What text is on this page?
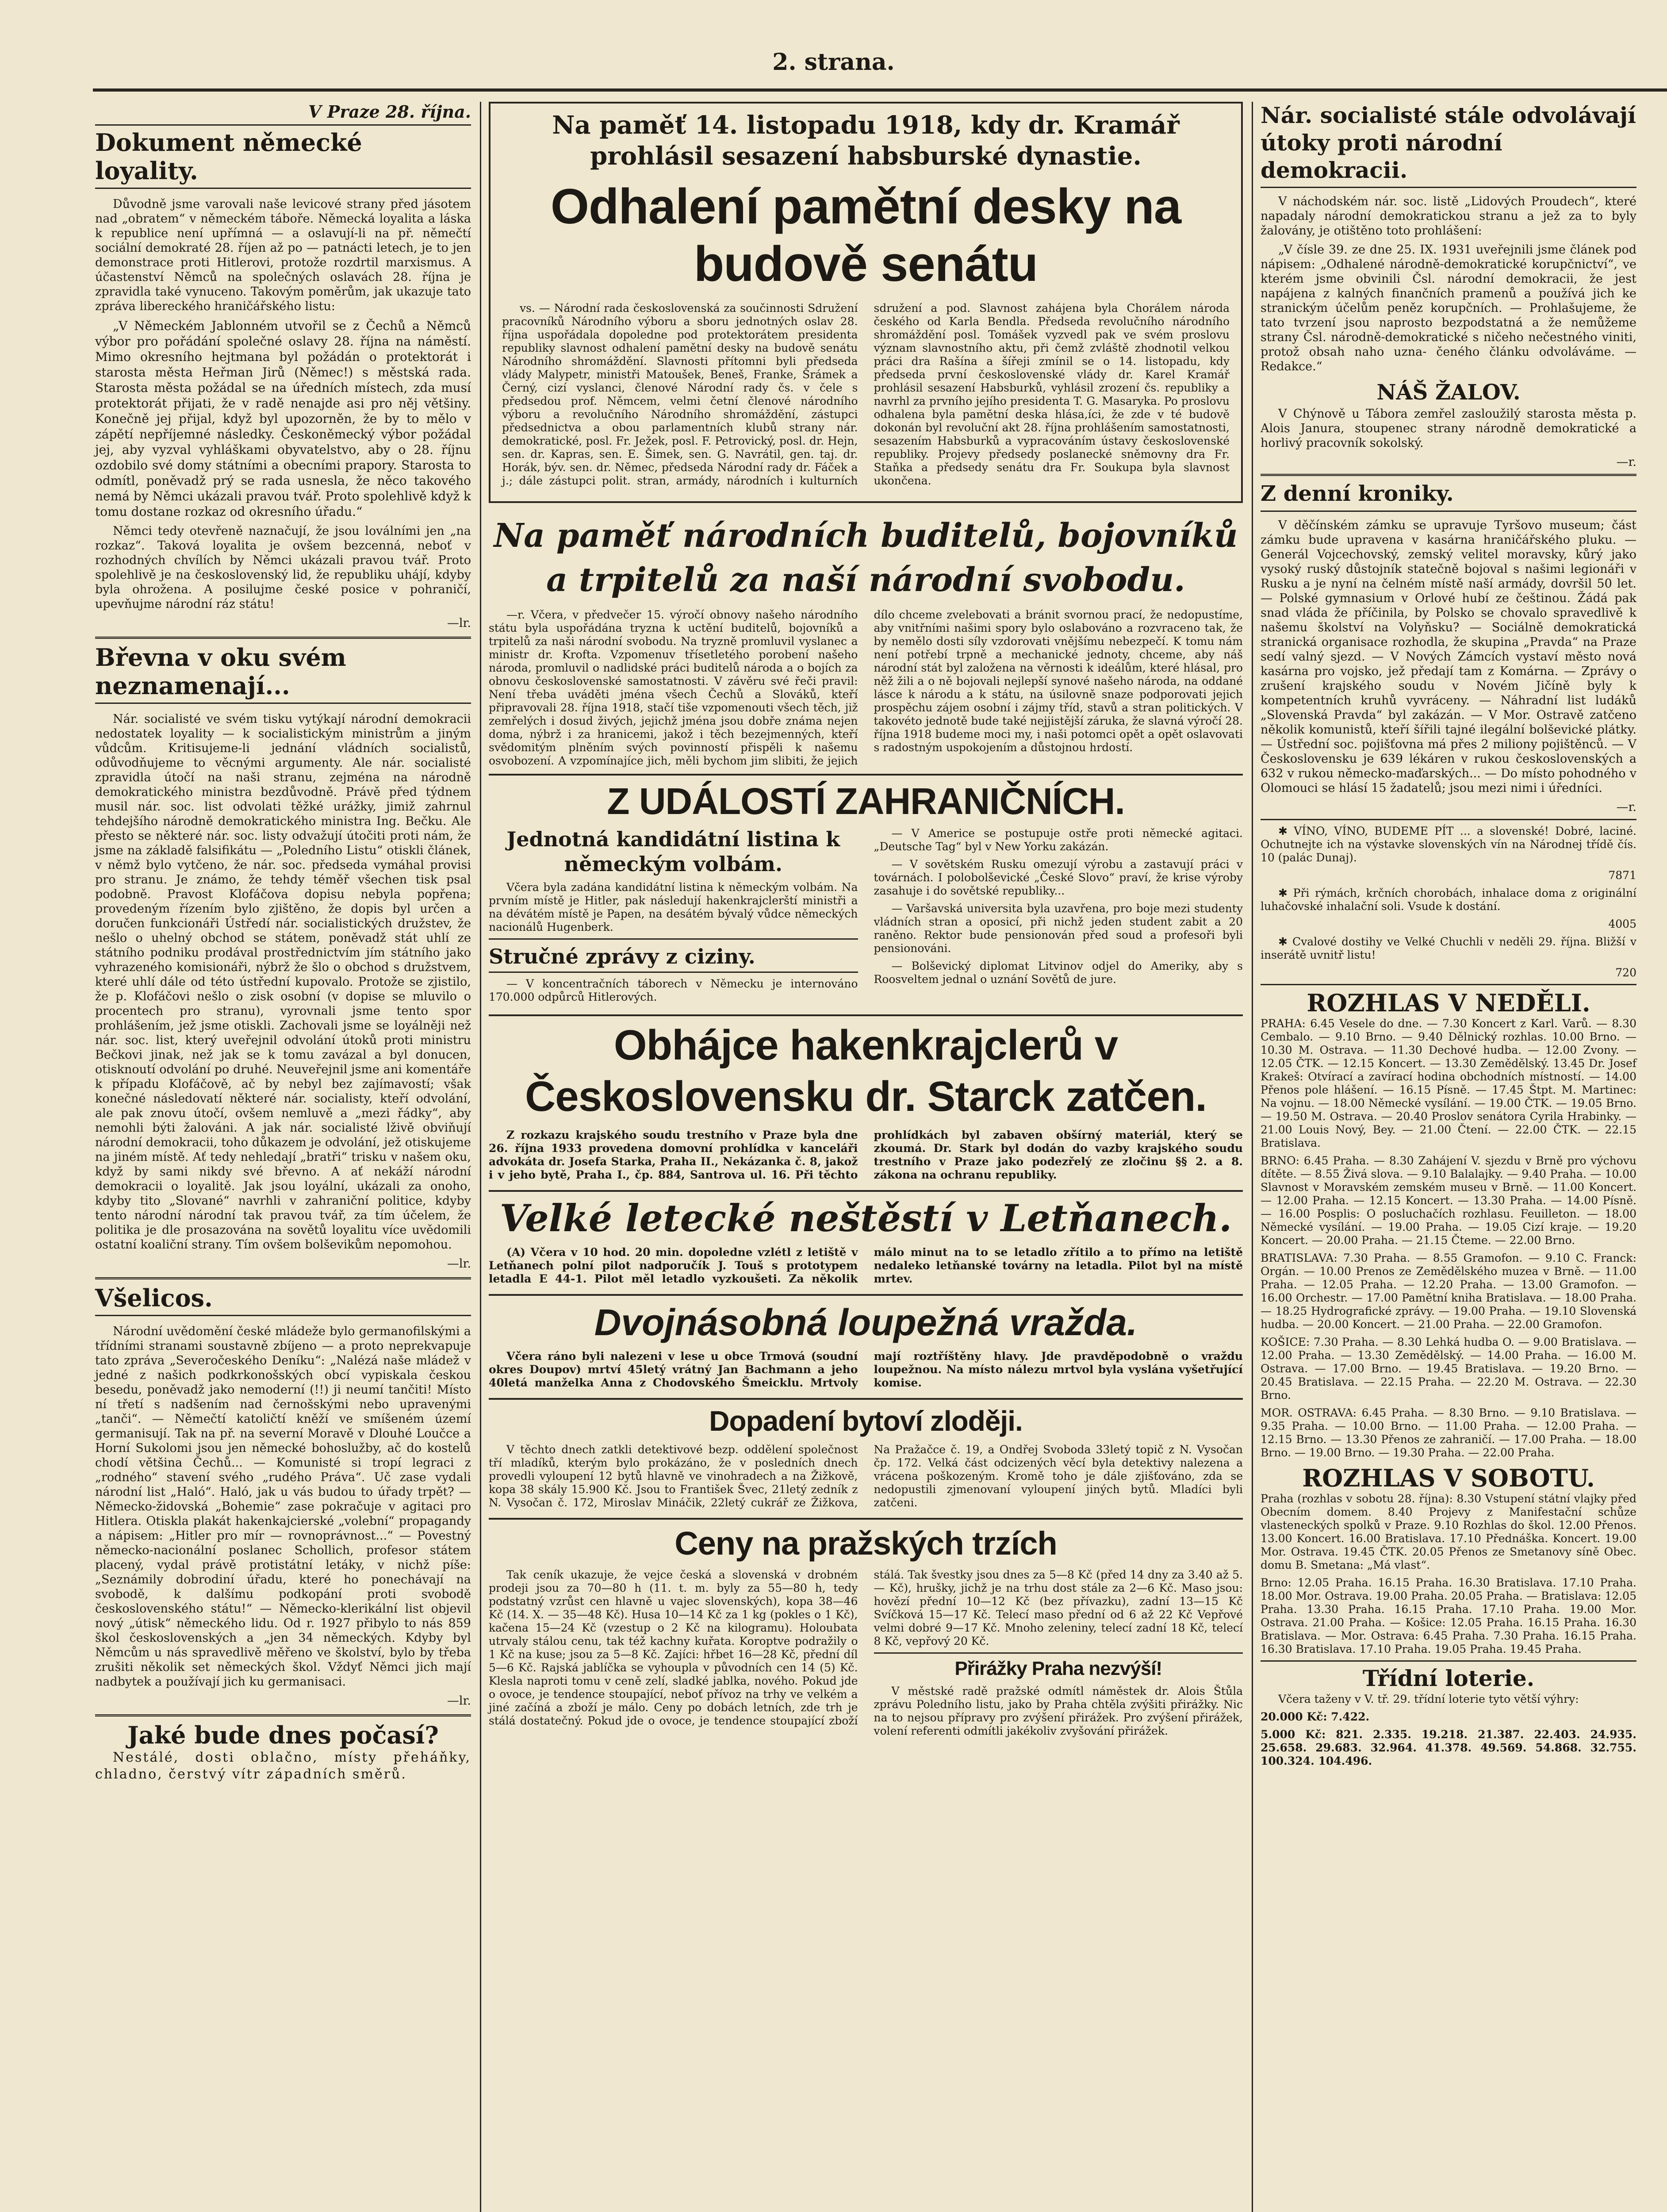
2. strana.
V Praze 28. října.
Dokument německé loyality.

Důvodně jsme varovali naše levicové strany před jásotem nad „obratem“ v německém táboře. Německá loyalita a láska k republice není upřímná — a oslavují-li na př. němečtí sociální demokraté 28. říjen až po — patnácti letech, je to jen demonstrace proti Hitlerovi, protože rozdrtil marxismus. A účastenství Němců na společných oslavách 28. října je zpravidla také vynuceno. Takovým poměrům, jak ukazuje tato zpráva libereckého hraničářského listu:

„V Německém Jablonném utvořil se z Čechů a Němců výbor pro pořádání společné oslavy 28. října na náměstí. Mimo okresního hejtmana byl požádán o protektorát i starosta města Heřman Jirů (Němec!) s městská rada. Starosta města požádal se na úředních místech, zda musí protektorát přijati, že v radě nenajde asi pro něj většiny. Konečně jej přijal, když byl upozorněn, že by to mělo v zápětí nepříjemné následky. Českoněmecký výbor požádal jej, aby vyzval vyhláškami obyvatelstvo, aby o 28. říjnu ozdobilo své domy státními a obecními prapory. Starosta to odmítl, poněvadž prý se rada usnesla, že něco takového nemá by Němci ukázali pravou tvář. Proto spolehlivě když k tomu dostane rozkaz od okresního úřadu.“

Němci tedy otevřeně naznačují, že jsou loválními jen „na rozkaz“. Taková loyalita je ovšem bezcenná, neboť v rozhodných chvílích by Němci ukázali pravou tvář. Proto spolehlivě je na československý lid, že republiku uhájí, kdyby byla ohrožena. A posilujme české posice v pohraničí, upevňujme národní ráz státu!

—lr.

Břevna v oku svém neznamenají...

Nár. socialisté ve svém tisku vytýkají národní demokracii nedostatek loyality — k socialistickým ministrům a jiným vůdcům. Kritisujeme-li jednání vládních socialistů, odůvodňujeme to věcnými argumenty. Ale nár. socialisté zpravidla útočí na naši stranu, zejména na národně demokratického ministra bezdůvodně. Právě před týdnem musil nár. soc. list odvolati těžké urážky, jimiž zahrnul tehdejšího národně demokratického ministra Ing. Bečku. Ale přesto se některé nár. soc. listy odvažují útočiti proti nám, že jsme na základě falsifikátu — „Poledního Listu“ otiskli článek, v němž bylo vytčeno, že nár. soc. předseda vymáhal provisi pro stranu. Je známo, že tehdy téměř všechen tisk psal podobně. Pravost Klofáčova dopisu nebyla popřena; provedeným řízením bylo zjištěno, že dopis byl určen a doručen funkcionáři Ústředí nár. socialistických družstev, že nešlo o uhelný obchod se státem, poněvadž stát uhlí ze státního podniku prodával prostřednictvím jím státního jako vyhrazeného komisionáři, nýbrž že šlo o obchod s družstvem, které uhlí dále od této ústřední kupovalo. Protože se zjistilo, že p. Klofáčovi nešlo o zisk osobní (v dopise se mluvilo o procentech pro stranu), vyrovnali jsme tento spor prohlášením, jež jsme otiskli. Zachovali jsme se loyálněji než nár. soc. list, který uveřejnil odvolání útoků proti ministru Bečkovi jinak, než jak se k tomu zavázal a byl donucen, otisknoutí odvolání po druhé. Neuveřejnil jsme ani komentáře k případu Klofáčově, ač by nebyl bez zajímavostí; však konečné následovatí některé nár. socialisty, kteří odvolání, ale pak znovu útočí, ovšem nemluvě a „mezi řádky“, aby nemohli býti žalováni. A jak nár. socialisté lživě obviňují národní demokracii, toho důkazem je odvolání, jež otiskujeme na jiném místě. Ať tedy nehledají „bratři“ trisku v našem oku, když by sami nikdy své břevno. A ať nekáží národní demokracii o loyalitě. Jak jsou loyální, ukázali za onoho, kdyby tito „Slované“ navrhli v zahraniční politice, kdyby tento národní národní tak pravou tvář, za tím účelem, že politika je dle prosazována na sovětů loyalitu více uvědomili ostatní koaliční strany. Tím ovšem bolševikům nepomohou.

—lr.

Všelicos.

Národní uvědomění české mládeže bylo germanofilskými a třídními stranami soustavně zbíjeno — a proto neprekvapuje tato zpráva „Severočeského Deníku“: „Nalézá naše mládež v jedné z našich podkrkonošských obcí vypiskala českou besedu, poněvadž jako nemoderní (!!) ji neumí tančiti! Místo ní třetí s nadšením nad černošskými nebo upravenými „tanči“. — Němečtí katoličtí kněží ve smíšeném území germanisují. Tak na př. na severní Moravě v Dlouhé Loučce a Horní Sukolomi jsou jen německé bohoslužby, ač do kostelů chodí většina Čechů... — Komunisté si tropí legraci z „rodného“ stavení svého „rudého Práva“. Uč zase vydali národní list „Haló“. Haló, jak u vás budou to úřady trpět? — Německo-židovská „Bohemie“ zase pokračuje v agitaci pro Hitlera. Otiskla plakát hakenkajcierské „volební“ propagandy a nápisem: „Hitler pro mír — rovnoprávnost...“ — Povestný německo-nacionální poslanec Schollich, profesor státem placený, vydal právě protistátní letáky, v nichž píše: „Seznámily dobrodiní úřadu, které ho ponechávají na svobodě, k dalšímu podkopání proti svobodě československého státu!“ — Německo-klerikální list objevil nový „útisk“ německého lidu. Od r. 1927 přibylo to nás 859 škol československých a „jen 34 německých. Kdyby byl Němcům u nás spravedlivě měřeno ve školství, bylo by třeba zrušiti několik set německých škol. Vždyť Němci jich mají nadbytek a používají jich ku germanisaci.

—lr.

Jaké bude dnes počasí?

Nestálé, dosti oblačno, místy přeháňky, chladno, čerstvý vítr západních směrů.

Na paměť 14. listopadu 1918, kdy dr. Kramář prohlásil sesazení habsburské dynastie.
Odhalení pamětní desky na budově senátu

vs. — Národní rada československá za součinnosti Sdružení pracovníků Národního výboru a sboru jednotných oslav 28. října uspořádala dopoledne pod protektorátem presidenta republiky slavnost odhalení pamětní desky na budově senátu Národního shromáždění. Slavnosti přítomni byli předseda vlády Malypetr, ministři Matoušek, Beneš, Franke, Šrámek a Černý, cizí vyslanci, členové Národní rady čs. v čele s předsedou prof. Němcem, velmi četní členové národního výboru a revolučního Národního shromáždění, zástupci předsednictva a obou parlamentních klubů strany nár. demokratické, posl. Fr. Ježek, posl. F. Petrovický, posl. dr. Hejn, sen. dr. Kapras, sen. E. Šimek, sen. G. Navrátil, gen. taj. dr. Horák, býv. sen. dr. Němec, předseda Národní rady dr. Fáček a j.; dále zástupci polit. stran, armády, národních i kulturních sdružení a pod. Slavnost zahájena byla Chorálem národa českého od Karla Bendla. Předseda revolučního národního shromáždění posl. Tomášek vyzvedl pak ve svém proslovu význam slavnostního aktu, při čemž zvláště zhodnotil velkou práci dra Rašína a šířeji zmínil se o 14. listopadu, kdy předseda první československé vlády dr. Karel Kramář prohlásil sesazení Habsburků, vyhlásil zrození čs. republiky a navrhl za prvního jejího presidenta T. G. Masaryka. Po proslovu odhalena byla pamětní deska hlása,íci, že zde v té budově dokonán byl revoluční akt 28. října prohlášením samostatnosti, sesazením Habsburků a vypracováním ústavy československé republiky. Projevy předsedy poslanecké sněmovny dra Fr. Staňka a předsedy senátu dra Fr. Soukupa byla slavnost ukončena.

Na paměť národních buditelů, bojovníků a trpitelů za naší národní svobodu.

—r. Včera, v předvečer 15. výročí obnovy našeho národního státu byla uspořádána tryzna k uctění buditelů, bojovníků a trpitelů za naši národní svobodu. Na tryzně promluvil vyslanec a ministr dr. Krofta. Vzpomenuv třísetletého porobení našeho národa, promluvil o nadlidské práci buditelů národa a o bojích za obnovu československé samostatnosti. V závěru své řeči pravil: Není třeba uváděti jména všech Čechů a Slováků, kteří připravovali 28. října 1918, stačí tiše vzpomenouti všech těch, již zemřelých i dosud živých, jejichž jména jsou dobře známa nejen doma, nýbrž i za hranicemi, jakož i těch bezejmenných, kteří svědomitým plněním svých povinností přispěli k našemu osvobození. A vzpomínajíce jich, měli bychom jim slibiti, že jejich dílo chceme zvelebovati a bránit svornou prací, že nedopustíme, aby vnitřními našimi spory bylo oslabováno a rozvraceno tak, že by nemělo dosti síly vzdorovati vnějšímu nebezpečí. K tomu nám není potřebí trpně a mechanické jednoty, chceme, aby náš národní stát byl založena na věrnosti k ideálům, které hlásal, pro něž žili a o ně bojovali nejlepší synové našeho národa, na oddané lásce k národu a k státu, na úsilovně snaze podporovati jejich prospěchu zájem osobní i zájmy tříd, stavů a stran politických. V takovéto jednotě bude také nejjistější záruka, že slavná výročí 28. října 1918 budeme moci my, i naši potomci opět a opět oslavovati s radostným uspokojením a důstojnou hrdostí.

Z UDÁLOSTÍ ZAHRANIČNÍCH.
Jednotná kandidátní listina k německým volbám.

Včera byla zadána kandidátní listina k německým volbám. Na prvním místě je Hitler, pak následují hakenkrajclerští ministři a na dévátém místě je Papen, na desátém bývalý vůdce německých nacionálů Hugenberk.

Stručné zprávy z ciziny.

— V koncentračních táborech v Německu je internováno 170.000 odpůrců Hitlerových.

— V Americe se postupuje ostře proti německé agitaci. „Deutsche Tag“ byl v New Yorku zakázán.

— V sovětském Rusku omezují výrobu a zastavují práci v továrnách. I polobolševické „České Slovo“ praví, že krise výroby zasahuje i do sovětské republiky...

— Varšavská universita byla uzavřena, pro boje mezi studenty vládních stran a oposicí, při nichž jeden student zabit a 20 raněno. Rektor bude pensionován před soud a profesoři byli pensionováni.

— Bolševický diplomat Litvinov odjel do Ameriky, aby s Roosveltem jednal o uznání Sovětů de jure.

Obhájce hakenkrajclerů v Československu dr. Starck zatčen.

Z rozkazu krajského soudu trestního v Praze byla dne 26. října 1933 provedena domovní prohlídka v kanceláři advokáta dr. Josefa Starka, Praha II., Nekázanka č. 8, jakož i v jeho bytě, Praha I., čp. 884, Santrova ul. 16. Při těchto prohlídkách byl zabaven obšírný materiál, který se zkoumá. Dr. Stark byl dodán do vazby krajského soudu trestního v Praze jako podezřelý ze zločinu §§ 2. a 8. zákona na ochranu republiky.

Velké letecké neštěstí v Letňanech.

(A) Včera v 10 hod. 20 min. dopoledne vzlétl z letiště v Letňanech polní pilot nadporučík J. Touš s prototypem letadla E 44-1. Pilot měl letadlo vyzkoušeti. Za několik málo minut na to se letadlo zřítilo a to přímo na letiště nedaleko letňanské továrny na letadla. Pilot byl na místě mrtev.

Dvojnásobná loupežná vražda.

Včera ráno byli nalezeni v lese u obce Trmová (soudní okres Doupov) mrtví 45letý vrátný Jan Bachmann a jeho 40letá manželka Anna z Chodovského Šmeicklu. Mrtvoly mají roztříštěny hlavy. Jde pravděpodobně o vraždu loupežnou. Na místo nálezu mrtvol byla vyslána vyšetřující komise.

Dopadení bytoví zloději.

V těchto dnech zatkli detektivové bezp. oddělení společnost tří mladíků, kterým bylo prokázáno, že v posledních dnech provedli vyloupení 12 bytů hlavně ve vinohradech a na Žižkově, kopa 38 skály 15.900 Kč. Jsou to František Švec, 21letý zedník z N. Vysočan č. 172, Miroslav Mináčik, 22letý cukrář ze Žižkova, Na Pražačce č. 19, a Ondřej Svoboda 33letý topič z N. Vysočan čp. 172. Velká část odcizených věcí byla detektivy nalezena a vrácena poškozeným. Kromě toho je dále zjišťováno, zda se nedopustili zjmenovaní vyloupení jiných bytů. Mladíci byli zatčeni.

Ceny na pražských trzích

Tak ceník ukazuje, že vejce česká a slovenská v drobném prodeji jsou za 70—80 h (11. t. m. byly za 55—80 h, tedy podstatný vzrůst cen hlavně u vajec slovenských), kopa 38—46 Kč (14. X. — 35—48 Kč). Husa 10—14 Kč za 1 kg (pokles o 1 Kč), kačena 15—24 Kč (vzestup o 2 Kč na kilogramu). Holoubata utrvaly stálou cenu, tak též kachny kuřata. Koroptve podražily o 1 Kč na kuse; jsou za 5—8 Kč. Zajíci: hřbet 16—28 Kč, přední díl 5—6 Kč. Rajská jablíčka se vyhoupla v původních cen 14 (5) Kč. Klesla naproti tomu v ceně zelí, sladké jablka, nového. Pokud jde o ovoce, je tendence stoupající, neboť přívoz na trhy ve velkém a jiné začíná a zboží je málo. Ceny po dobách letních, zde trh je stálá dostatečný. Pokud jde o ovoce, je tendence stoupající zboží stálá. Tak švestky jsou dnes za 5—8 Kč (před 14 dny za 3.40 až 5.— Kč), hrušky, jichž je na trhu dost stále za 2—6 Kč. Maso jsou: hovězí přední 10—12 Kč (bez přívazku), zadní 13—15 Kč Svíčková 15—17 Kč. Telecí maso přední od 6 až 22 Kč Vepřové velmi dobré 9—17 Kč. Mnoho zeleniny, telecí zadní 18 Kč, telecí 8 Kč, vepřový 20 Kč.

Přirážky Praha nezvýší!

V městské radě pražské odmítl náměstek dr. Alois Štůla zprávu Poledního listu, jako by Praha chtěla zvýšiti přirážky. Nic na to nejsou přípravy pro zvýšení přirážek. Pro zvýšení přirážek, volení referenti odmítli jakékoliv zvyšování přirážek.

Nár. socialisté stále odvolávají útoky proti národní demokracii.

V náchodském nár. soc. listě „Lidových Proudech“, které napadaly národní demokratickou stranu a jež za to byly žalovány, je otištěno toto prohlášení:

„V čísle 39. ze dne 25. IX. 1931 uveřejnili jsme článek pod nápisem: „Odhalené národně-demokratické korupčnictví“, ve kterém jsme obvinili Čsl. národní demokracii, že jest napájena z kalných finančních pramenů a používá jich ke stranickým účelům peněz korupčních. — Prohlašujeme, že tato tvrzení jsou naprosto bezpodstatná a že nemůžeme strany Čsl. národně-demokratické s ničeho nečestného viniti, protož obsah naho uzna- čeného článku odvoláváme. — Redakce.“

NÁŠ ŽALOV.

V Chýnově u Tábora zemřel zasloužilý starosta města p. Alois Janura, stoupenec strany národně demokratické a horlivý pracovník sokolský.

—r.

Z denní kroniky.

V děčínském zámku se upravuje Tyršovo museum; část zámku bude upravena v kasárna hraničářského pluku. — Generál Vojcechovský, zemský velitel moravsky, kůrý jako vysoký ruský důstojník statečně bojoval s našimi legionáři v Rusku a je nyní na čelném místě naší armády, dovršil 50 let. — Polské gymnasium v Orlové hubí ze češtinou. Žádá pak snad vláda že příčinila, by Polsko se chovalo spravedlivě k našemu školství na Volyňsku? — Sociálně demokratická stranická organisace rozhodla, že skupina „Pravda“ na Praze sedí valný sjezd. — V Nových Zámcích vystaví město nová kasárna pro vojsko, jež předají tam z Komárna. — Zprávy o zrušení krajského soudu v Novém Jičíně byly k kompetentních kruhů vyvráceny. — Náhradní list ludáků „Slovenská Pravda“ byl zakázán. — V Mor. Ostravě zatčeno několik komunistů, kteří šířili tajné ilegální bolševické plátky. — Ústřední soc. pojišťovna má přes 2 miliony pojištěnců. — V Československu je 639 lékáren v rukou československých a 632 v rukou německo-maďarských... — Do místo pohodného v Olomouci se hlásí 15 žadatelů; jsou mezi nimi i úředníci.

—r.

✱ VÍNO, VÍNO, BUDEME PÍT ... a slovenské! Dobré, laciné. Ochutnejte ich na výstavke slovenských vín na Národnej třídě čís. 10 (palác Dunaj).

7871

✱ Při rýmách, krčních chorobách, inhalace doma z originální luhačovské inhalační soli. Vsude k dostání.

4005

✱ Cvalové dostihy ve Velké Chuchli v neděli 29. října. Bližší v inserátě uvnitř listu!

720

ROZHLAS V NEDĚLI.

PRAHA: 6.45 Vesele do dne. — 7.30 Koncert z Karl. Varů. — 8.30 Cembalo. — 9.10 Brno. — 9.40 Dělnický rozhlas. 10.00 Brno. — 10.30 M. Ostrava. — 11.30 Dechové hudba. — 12.00 Zvony. — 12.05 ČTK. — 12.15 Koncert. — 13.30 Zemědělský. 13.45 Dr. Josef Krakeš: Otvírací a zavírací hodina obchodních místností. — 14.00 Přenos pole hlášení. — 16.15 Písně. — 17.45 Štpt. M. Martinec: Na vojnu. — 18.00 Německé vysílání. — 19.00 ČTK. — 19.05 Brno. — 19.50 M. Ostrava. — 20.40 Proslov senátora Cyrila Hrabinky. — 21.00 Louis Nový, Bey. — 21.00 Čtení. — 22.00 ČTK. — 22.15 Bratislava.

BRNO: 6.45 Praha. — 8.30 Zahájení V. sjezdu v Brně pro výchovu dítěte. — 8.55 Živá slova. — 9.10 Balalajky. — 9.40 Praha. — 10.00 Slavnost v Moravském zemském museu v Brně. — 11.00 Koncert. — 12.00 Praha. — 12.15 Koncert. — 13.30 Praha. — 14.00 Písně. — 16.00 Posplis: O posluchačích rozhlasu. Feuilleton. — 18.00 Německé vysílání. — 19.00 Praha. — 19.05 Cizí kraje. — 19.20 Koncert. — 20.00 Praha. — 21.15 Čteme. — 22.00 Brno.

BRATISLAVA: 7.30 Praha. — 8.55 Gramofon. — 9.10 C. Franck: Orgán. — 10.00 Prenos ze Zemědělského muzea v Brně. — 11.00 Praha. — 12.05 Praha. — 12.20 Praha. — 13.00 Gramofon. — 16.00 Orchestr. — 17.00 Pamětní kniha Bratislava. — 18.00 Praha. — 18.25 Hydrografické zprávy. — 19.00 Praha. — 19.10 Slovenská hudba. — 20.00 Koncert. — 21.00 Praha. — 22.00 Gramofon.

KOŠICE: 7.30 Praha. — 8.30 Lehká hudba O. — 9.00 Bratislava. — 12.00 Praha. — 13.30 Zemědělský. — 14.00 Praha. — 16.00 M. Ostrava. — 17.00 Brno. — 19.45 Bratislava. — 19.20 Brno. — 20.45 Bratislava. — 22.15 Praha. — 22.20 M. Ostrava. — 22.30 Brno.

MOR. OSTRAVA: 6.45 Praha. — 8.30 Brno. — 9.10 Bratislava. — 9.35 Praha. — 10.00 Brno. — 11.00 Praha. — 12.00 Praha. — 12.15 Brno. — 13.30 Přenos ze zahraničí. — 17.00 Praha. — 18.00 Brno. — 19.00 Brno. — 19.30 Praha. — 22.00 Praha.

ROZHLAS V SOBOTU.

Praha (rozhlas v sobotu 28. října): 8.30 Vstupení státní vlajky před Obecním domem. 8.40 Projevy z Manifestační schůze vlasteneckých spolků v Praze. 9.10 Rozhlas do škol. 12.00 Přenos. 13.00 Koncert. 16.00 Bratislava. 17.10 Přednáška. Koncert. 19.00 Mor. Ostrava. 19.45 ČTK. 20.05 Přenos ze Smetanovy síně Obec. domu B. Smetana: „Má vlast“.

Brno: 12.05 Praha. 16.15 Praha. 16.30 Bratislava. 17.10 Praha. 18.00 Mor. Ostrava. 19.00 Praha. 20.05 Praha. — Bratislava: 12.05 Praha. 13.30 Praha. 16.15 Praha. 17.10 Praha. 19.00 Mor. Ostrava. 21.00 Praha. — Košice: 12.05 Praha. 16.15 Praha. 16.30 Bratislava. — Mor. Ostrava: 6.45 Praha. 7.30 Praha. 16.15 Praha. 16.30 Bratislava. 17.10 Praha. 19.05 Praha. 19.45 Praha.

Třídní loterie.

Včera taženy v V. tř. 29. třídní loterie tyto větší výhry:

20.000 Kč: 7.422.

5.000 Kč: 821. 2.335. 19.218. 21.387. 22.403. 24.935. 25.658. 29.683. 32.964. 41.378. 49.569. 54.868. 32.755. 100.324. 104.496.
